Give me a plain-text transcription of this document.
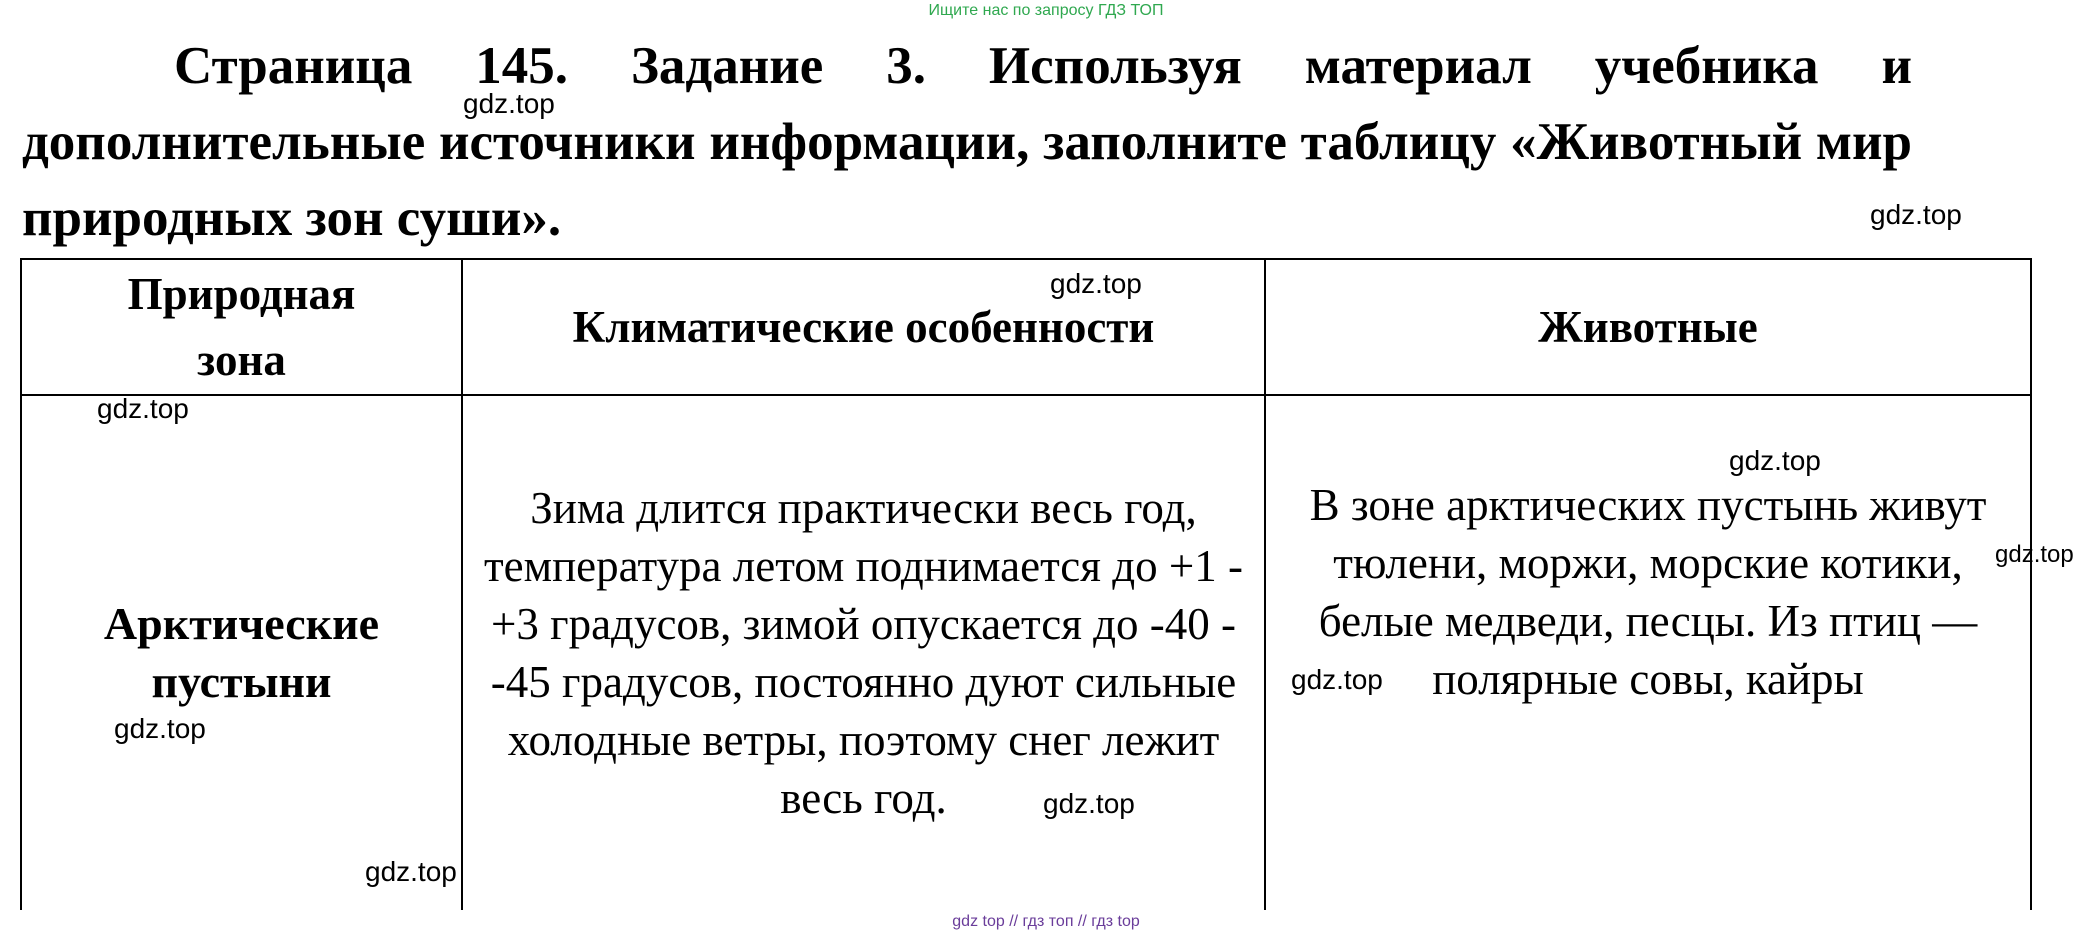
Ищите нас по запросу ГДЗ ТОП
Страница 145. Задание 3. Используя материал учебника и дополнительные источники информации, заполните таблицу «Животный мир природных зон суши».
Природная зона	Климатические особенности	Животные
Арктические пустыни	Зима длится практически весь год, температура летом поднимается до +1 - +3 градусов, зимой опускается до -40 - -45 градусов, постоянно дуют сильные холодные ветры, поэтому снег лежит весь год.	В зоне арктических пустынь живут тюлени, моржи, морские котики, белые медведи, песцы. Из птиц — полярные совы, кайры
gdz.top
gdz.top
gdz.top
gdz.top
gdz.top
gdz.top
gdz.top
gdz.top
gdz.top
gdz.top
gdz top // гдз топ // гдз top
